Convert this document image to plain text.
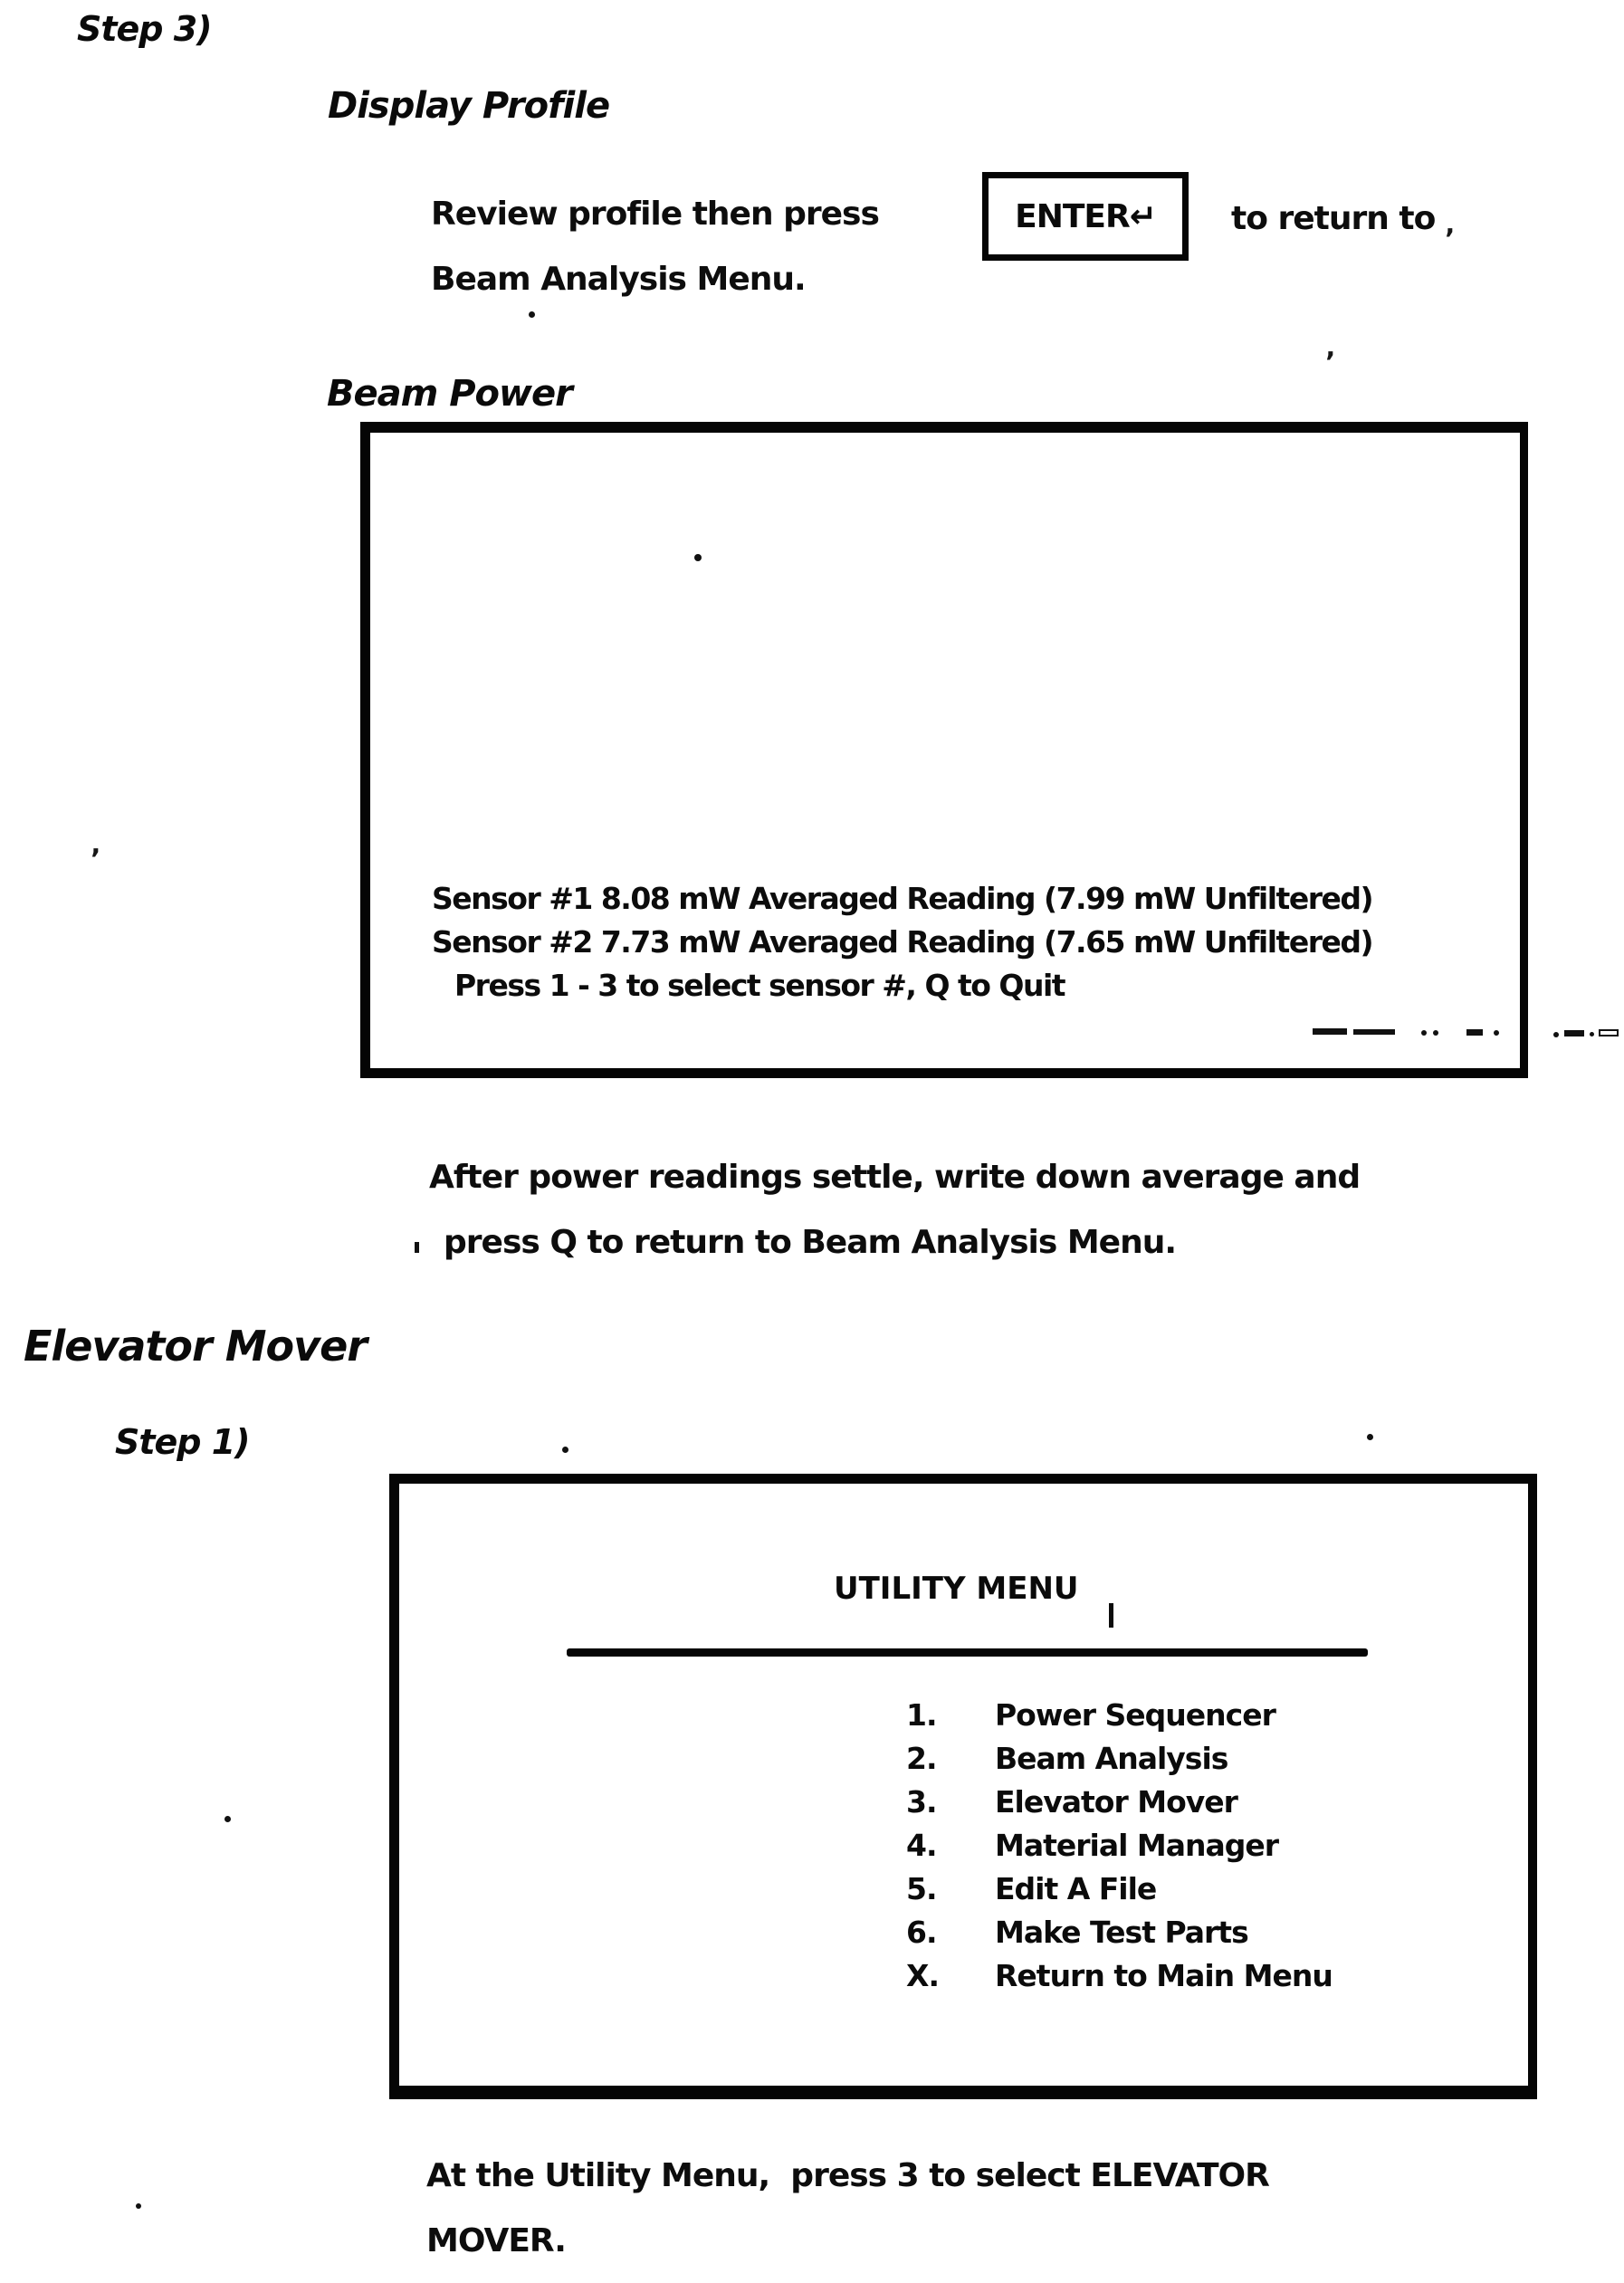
Step 3)
Display Profile
Review profile then press	ENTER ↵ to return to
Beam Analysis Menu.
’
’
Beam Power
Sensor #1 8.08 mW Averaged Reading (7.99 mW Unfiltered)
Sensor #2 7.73 mW Averaged Reading (7.65 mW Unfiltered)
Press 1 - 3 to select sensor #, Q to Quit
’
After power readings settle, write down average and
press Q to return to Beam Analysis Menu.
Elevator Mover
Step 1)
UTILITY MENU
1.	Power Sequencer
2.	Beam Analysis
3.	Elevator Mover
4.	Material Manager
5.	Edit A File
6.	Make Test Parts
X.	Return to Main Menu
At the Utility Menu,  press 3 to select ELEVATOR
MOVER.
